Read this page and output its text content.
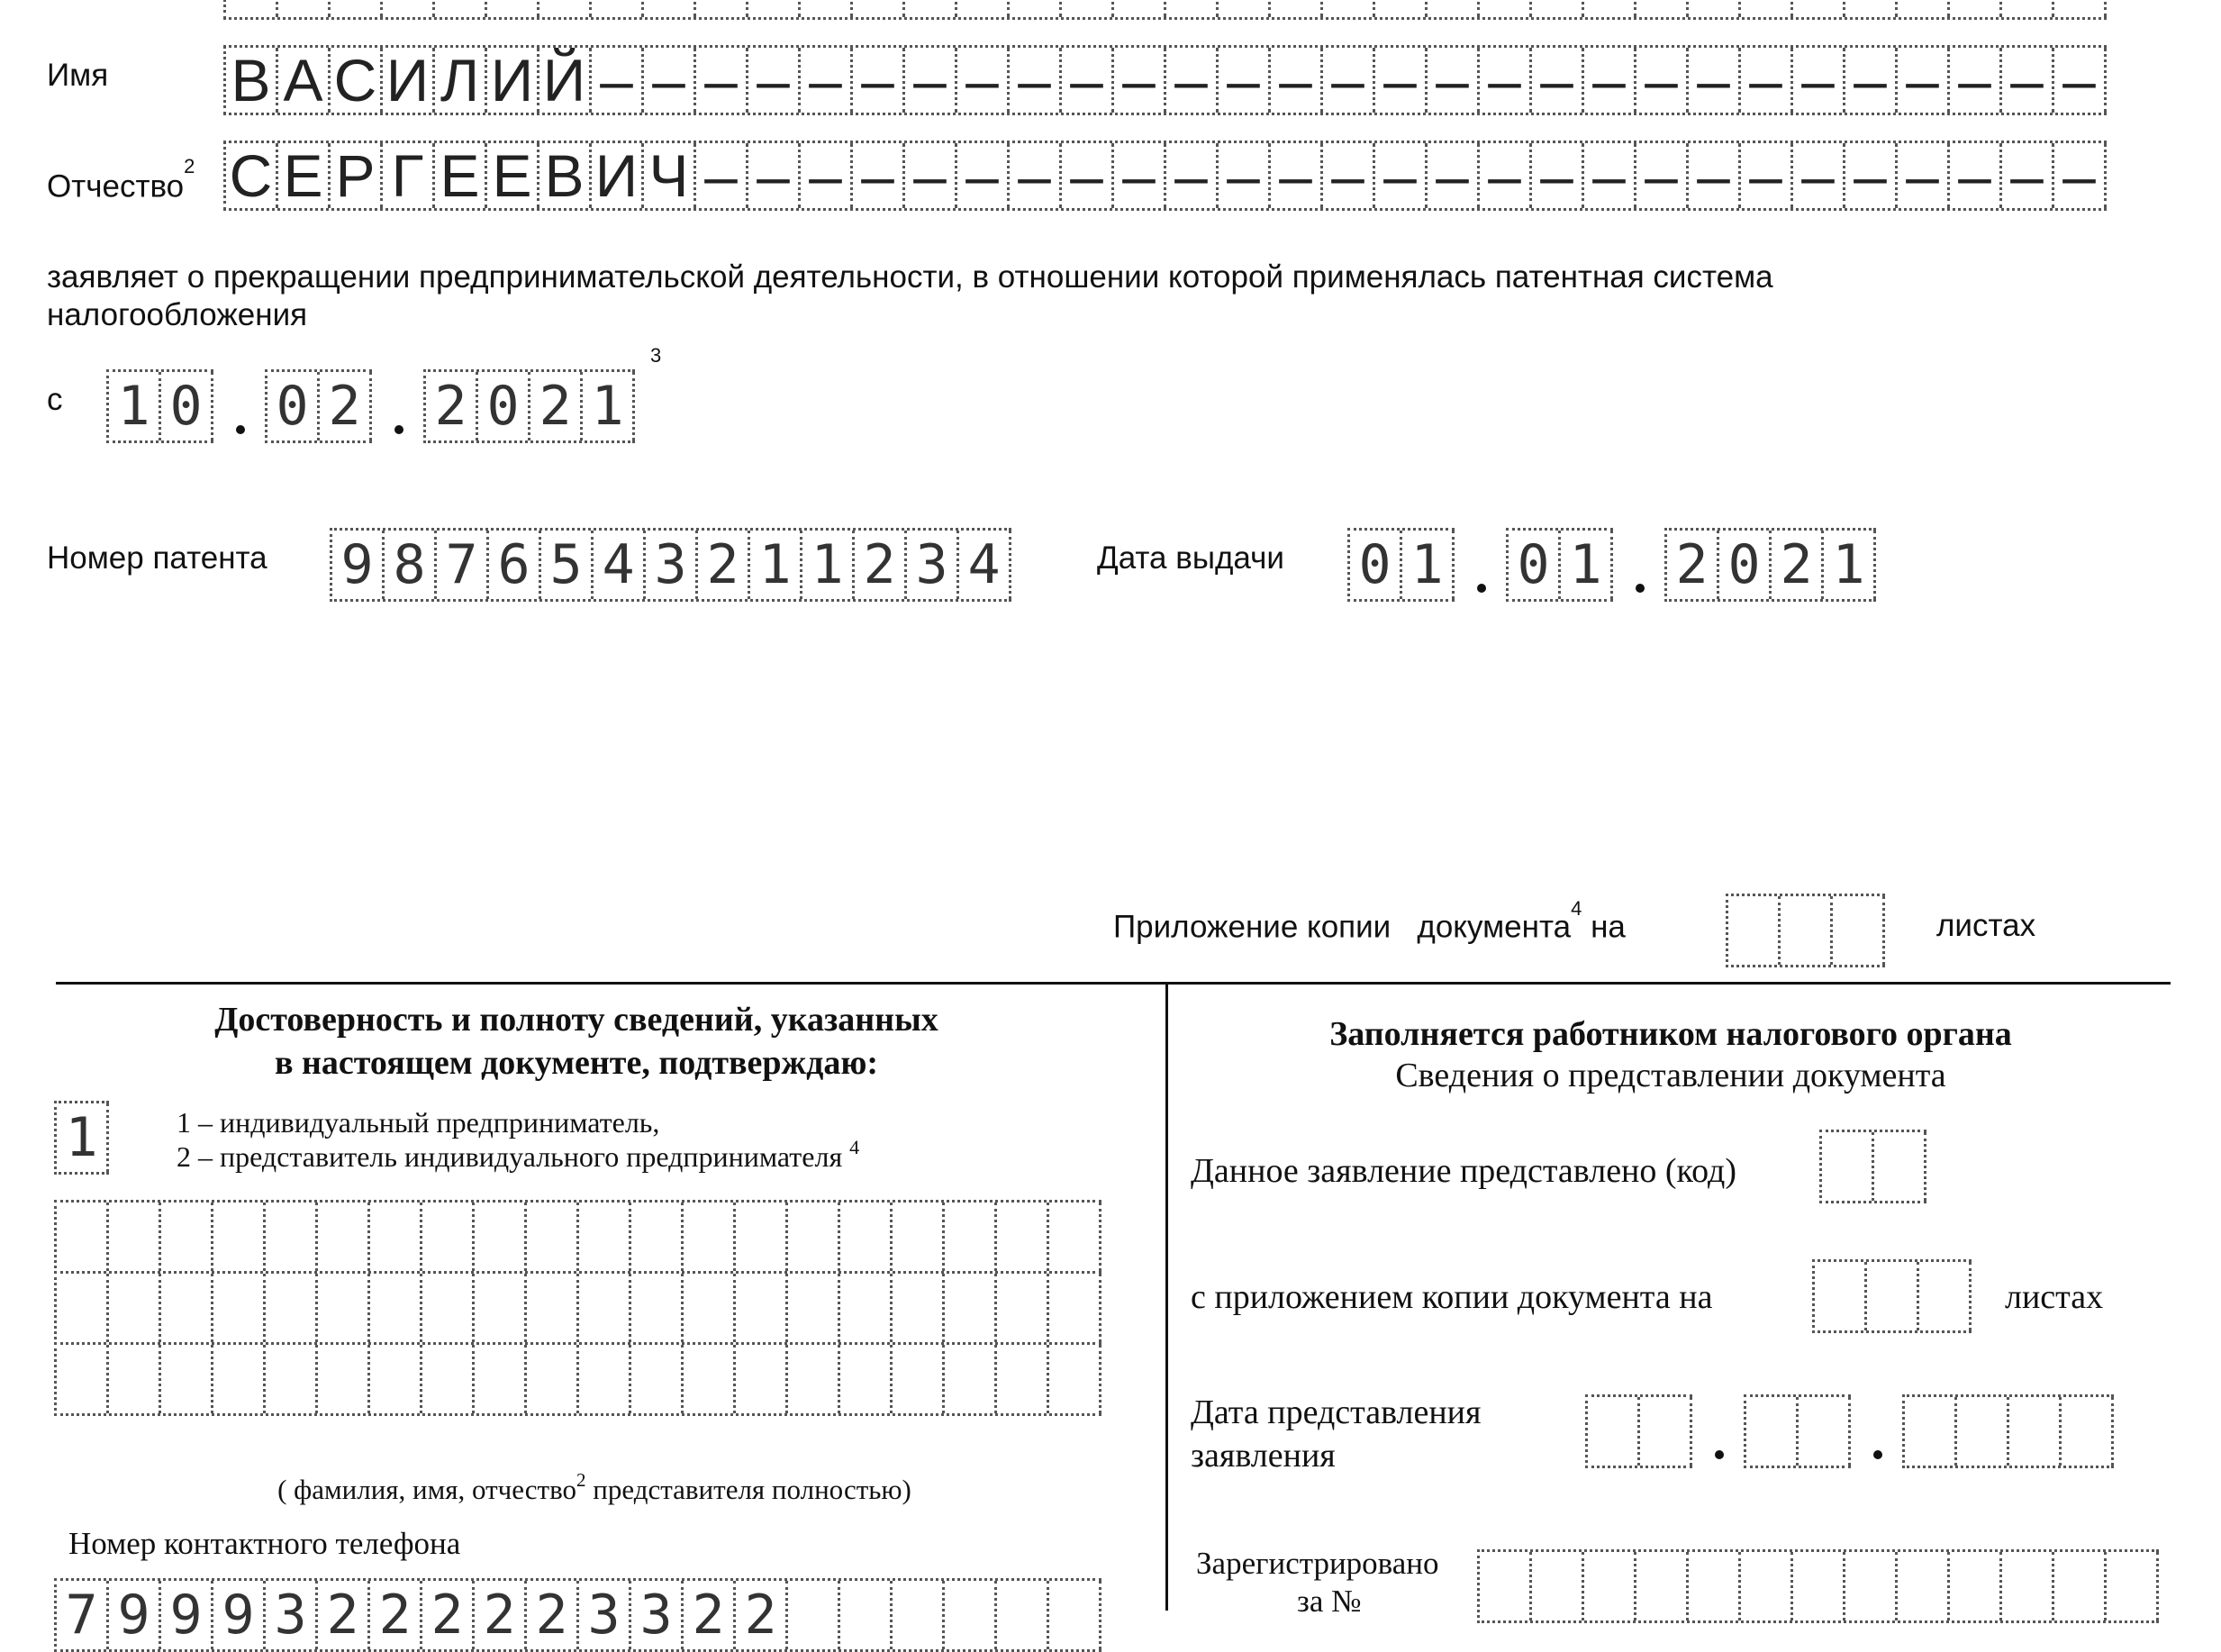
Имя В А С И Л И Й – – – – – – – – – – – – – – – – – – – – – – – – – – – – –
Отчество$^2$ С Е Р Г Е Е В И Ч – – – – – – – – – – – – – – – – – – – – – – – – – – –
заявляет о прекращении предпринимательской деятельности, в отношении которой применялась патентная система
налогообложения
с 1 0 0 2 2 0 2 1
3
Номер патента 9 8 7 6 5 4 3 2 1 1 2 3 4	Дата выдачи 0 1 0 1 2 0 2 1
Приложение копии документа$^4$ на	листах
Достоверность и полноту сведений, указанных
в настоящем документе, подтверждаю:
1	1 – индивидуальный предприниматель,
2 – представитель индивидуального предпринимателя $^4$
( фамилия, имя, отчество$^2$ представителя полностью)
Номер контактного телефона
7 9 9 9 3 2 2 2 2 2 3 3 2 2
Заполняется работником налогового органа
Сведения о представлении документа
Данное заявление представлено (код)
с приложением копии документа на	листах
Дата представления
заявления
Зарегистрировано
за №
